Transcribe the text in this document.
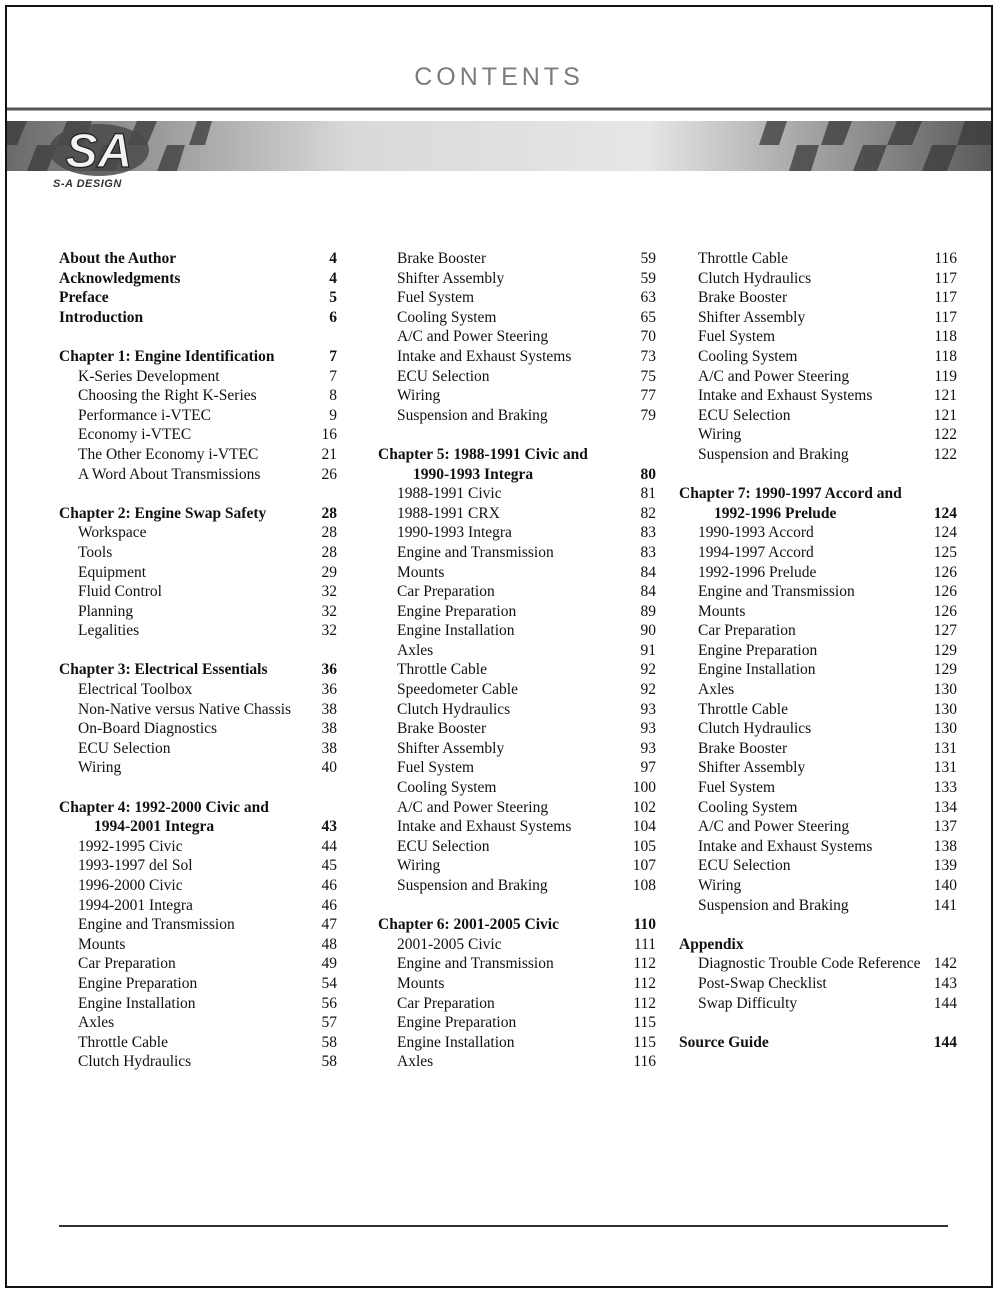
CONTENTS
SA
S-A DESIGN
About the Author	4
Acknowledgments	4
Preface	5
Introduction	6
Chapter 1: Engine Identification	7
K-Series Development	7
Choosing the Right K-Series	8
Performance i-VTEC	9
Economy i-VTEC	16
The Other Economy i-VTEC	21
A Word About Transmissions	26
Chapter 2: Engine Swap Safety	28
Workspace	28
Tools	28
Equipment	29
Fluid Control	32
Planning	32
Legalities	32
Chapter 3: Electrical Essentials	36
Electrical Toolbox	36
Non-Native versus Native Chassis 38
On-Board Diagnostics	38
ECU Selection	38
Wiring	40
Chapter 4: 1992-2000 Civic and
1994-2001 Integra	43
1992-1995 Civic	44
1993-1997 del Sol	45
1996-2000 Civic	46
1994-2001 Integra	46
Engine and Transmission	47
Mounts	48
Car Preparation	49
Engine Preparation	54
Engine Installation	56
Axles	57
Throttle Cable	58
Clutch Hydraulics	58
Brake Booster	59
Shifter Assembly	59
Fuel System	63
Cooling System	65
A/C and Power Steering	70
Intake and Exhaust Systems	73
ECU Selection	75
Wiring	77
Suspension and Braking	79
Chapter 5: 1988-1991 Civic and
1990-1993 Integra	80
1988-1991 Civic	81
1988-1991 CRX	82
1990-1993 Integra	83
Engine and Transmission	83
Mounts	84
Car Preparation	84
Engine Preparation	89
Engine Installation	90
Axles	91
Throttle Cable	92
Speedometer Cable	92
Clutch Hydraulics	93
Brake Booster	93
Shifter Assembly	93
Fuel System	97
Cooling System	100
A/C and Power Steering	102
Intake and Exhaust Systems	104
ECU Selection	105
Wiring	107
Suspension and Braking	108
Chapter 6: 2001-2005 Civic	110
2001-2005 Civic	111
Engine and Transmission	112
Mounts	112
Car Preparation	112
Engine Preparation	115
Engine Installation	115
Axles	116
Throttle Cable	116
Clutch Hydraulics	117
Brake Booster	117
Shifter Assembly	117
Fuel System	118
Cooling System	118
A/C and Power Steering	119
Intake and Exhaust Systems	121
ECU Selection	121
Wiring	122
Suspension and Braking	122
Chapter 7: 1990-1997 Accord and
1992-1996 Prelude	124
1990-1993 Accord	124
1994-1997 Accord	125
1992-1996 Prelude	126
Engine and Transmission	126
Mounts	126
Car Preparation	127
Engine Preparation	129
Engine Installation	129
Axles	130
Throttle Cable	130
Clutch Hydraulics	130
Brake Booster	131
Shifter Assembly	131
Fuel System	133
Cooling System	134
A/C and Power Steering	137
Intake and Exhaust Systems	138
ECU Selection	139
Wiring	140
Suspension and Braking	141
Appendix
Diagnostic Trouble Code Reference 142
Post-Swap Checklist	143
Swap Difficulty	144
Source Guide	144
